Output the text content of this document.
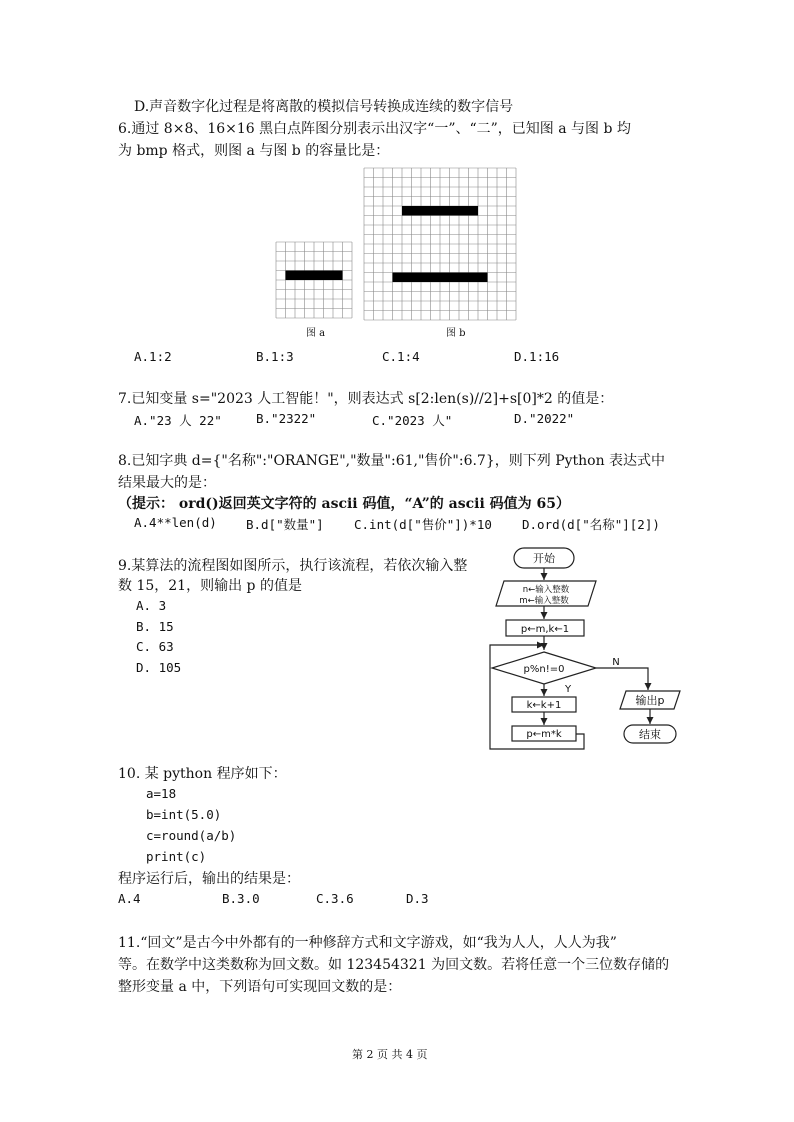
D.声音数字化过程是将离散的模拟信号转换成连续的数字信号
6.通过 8×8、16×16 黑白点阵图分别表示出汉字“一”、“二”，已知图 a 与图 b 均
为 bmp 格式，则图 a 与图 b 的容量比是：
图 a	图 b
A.1:2	B.1:3	C.1:4	D.1:16
7.已知变量 s="2023 人工智能！"，则表达式 s[2:len(s)//2]+s[0]*2 的值是：
A."23 人 22"	B."2322"	C."2023 人"	D."2022"
8.已知字典 d={"名称":"ORANGE","数量":61,"售价":6.7}，则下列 Python 表达式中
结果最大的是：
（提示： ord()返回英文字符的 ascii 码值，“A”的 ascii 码值为 65）
A.4**len(d) B.d["数量"] C.int(d["售价"])*10 D.ord(d["名称"][2])
9.某算法的流程图如图所示，执行该流程，若依次输入整
数 15，21，则输出 p 的值是
A. 3
B. 15
C. 63
D. 105
开始
n←输入整数
m←输入整数
p←m,k←1
p%n!=0
N
Y
k←k+1
p←m*k
输出p
结束
10. 某 python 程序如下：
a=18
b=int(5.0)
c=round(a/b)
print(c)
程序运行后，输出的结果是：
A.4	B.3.0	C.3.6	D.3
11.“回文”是古今中外都有的一种修辞方式和文字游戏，如“我为人人，人人为我”
等。在数学中这类数称为回文数。如 123454321 为回文数。若将任意一个三位数存储的
整形变量 a 中，下列语句可实现回文数的是：
第 2 页 共 4 页
